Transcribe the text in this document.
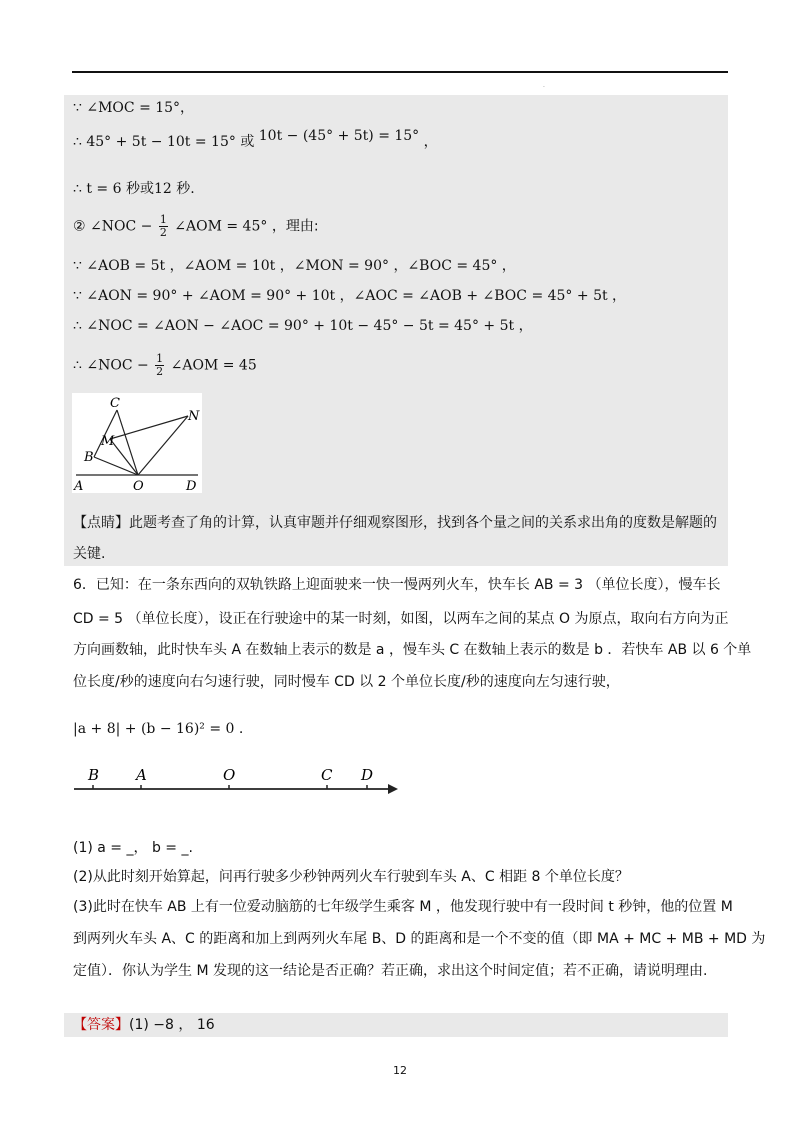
.
∵ ∠MOC = 15°，
∴ 45° + 5t − 10t = 15° 或 10t − (45° + 5t) = 15° ，
∴ t = 6 秒或12 秒.
② ∠NOC − $\frac{1}{2}$ ∠AOM = 45° ，理由:
∵ ∠AOB = 5t ，∠AOM = 10t ，∠MON = 90° ，∠BOC = 45° ，
∵ ∠AON = 90° + ∠AOM = 90° + 10t ，∠AOC = ∠AOB + ∠BOC = 45° + 5t ，
∴ ∠NOC = ∠AON − ∠AOC = 90° + 10t − 45° − 5t = 45° + 5t ，
∴ ∠NOC − $\frac{1}{2}$ ∠AOM = 45
C
N
M
B
A	O	D
【点睛】此题考查了角的计算，认真审题并仔细观察图形，找到各个量之间的关系求出角的度数是解题的
关键.
6．已知：在一条东西向的双轨铁路上迎面驶来一快一慢两列火车，快车长 AB = 3 （单位长度），慢车长
CD = 5 （单位长度），设正在行驶途中的某一时刻，如图，以两车之间的某点 O 为原点，取向右方向为正
方向画数轴，此时快车头 A 在数轴上表示的数是 a ，慢车头 C 在数轴上表示的数是 b ．若快车 AB 以 6 个单
位长度/秒的速度向右匀速行驶，同时慢车 CD 以 2 个单位长度/秒的速度向左匀速行驶，
|a + 8| + (b − 16)² = 0 .
B A	O	C D
(1) a = _， b = _.
(2)从此时刻开始算起，问再行驶多少秒钟两列火车行驶到车头 A、C 相距 8 个单位长度？
(3)此时在快车 AB 上有一位爱动脑筋的七年级学生乘客 M ，他发现行驶中有一段时间 t 秒钟，他的位置 M
到两列火车头 A、C 的距离和加上到两列火车尾 B、D 的距离和是一个不变的值（即 MA + MC + MB + MD 为
定值）．你认为学生 M 发现的这一结论是否正确？若正确，求出这个时间定值；若不正确，请说明理由.
【答案】(1) −8 ， 16
12
